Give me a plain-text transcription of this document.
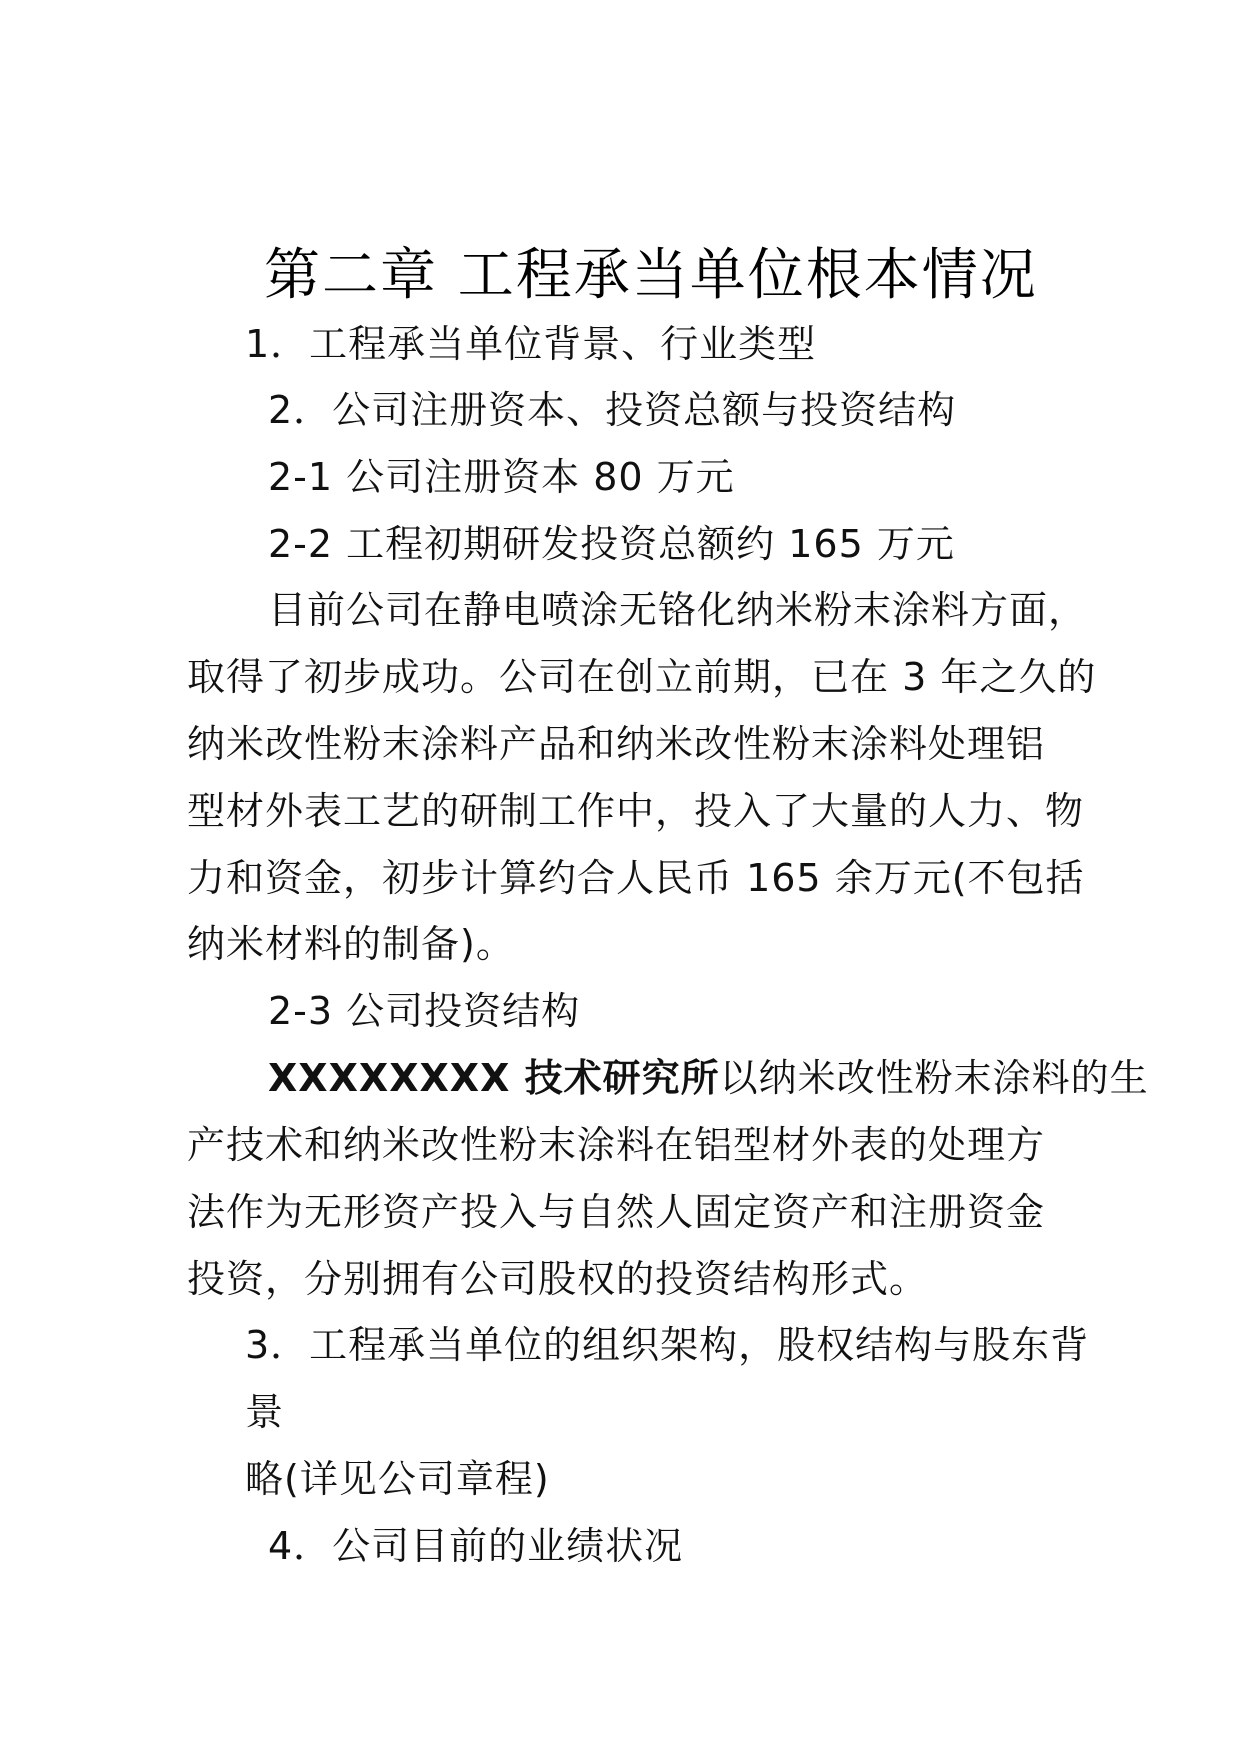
第二章 工程承当单位根本情况
1．工程承当单位背景、行业类型
2．公司注册资本、投资总额与投资结构
2-1 公司注册资本 80 万元
2-2 工程初期研发投资总额约 165 万元
目前公司在静电喷涂无铬化纳米粉末涂料方面，
取得了初步成功。公司在创立前期，已在 3 年之久的
纳米改性粉末涂料产品和纳米改性粉末涂料处理铝
型材外表工艺的研制工作中，投入了大量的人力、物
力和资金，初步计算约合人民币 165 余万元(不包括
纳米材料的制备)。
2-3 公司投资结构
XXXXXXXX 技术研究所以纳米改性粉末涂料的生
产技术和纳米改性粉末涂料在铝型材外表的处理方
法作为无形资产投入与自然人固定资产和注册资金
投资，分别拥有公司股权的投资结构形式。
3．工程承当单位的组织架构，股权结构与股东背
景
略(详见公司章程)
4．公司目前的业绩状况
